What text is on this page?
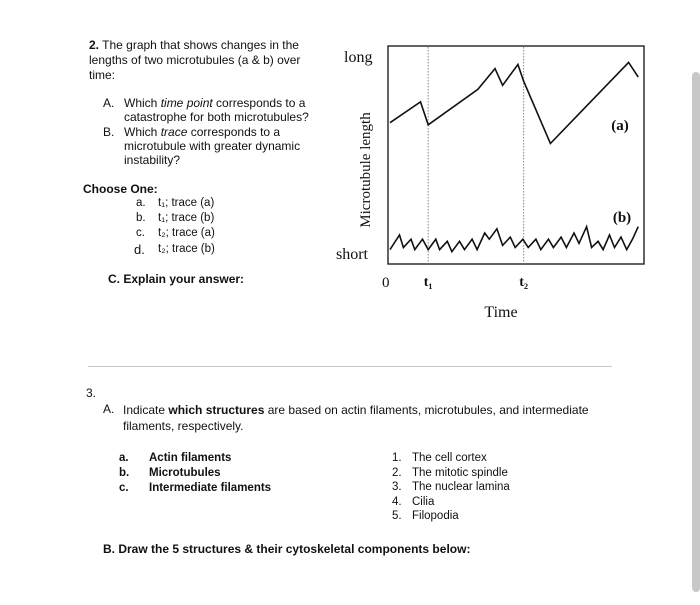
2. The graph that shows changes in the lengths of two microtubules (a & b) over time:
A. Which time point corresponds to a catastrophe for both microtubules?
B. Which trace corresponds to a microtubule with greater dynamic instability?
Choose One:
a. t₁; trace (a)
b. t₁; trace (b)
c. t₂; trace (a)
d. t₂; trace (b)
C. Explain your answer:
long
short
Microtubule length
0
Time
t₁	t₂
(a)
(b)
3.
A. Indicate which structures are based on actin filaments, microtubules, and intermediate filaments, respectively.
a. Actin filaments
b. Microtubules
c. Intermediate filaments
1. The cell cortex
2. The mitotic spindle
3. The nuclear lamina
4. Cilia
5. Filopodia
B. Draw the 5 structures & their cytoskeletal components below:
